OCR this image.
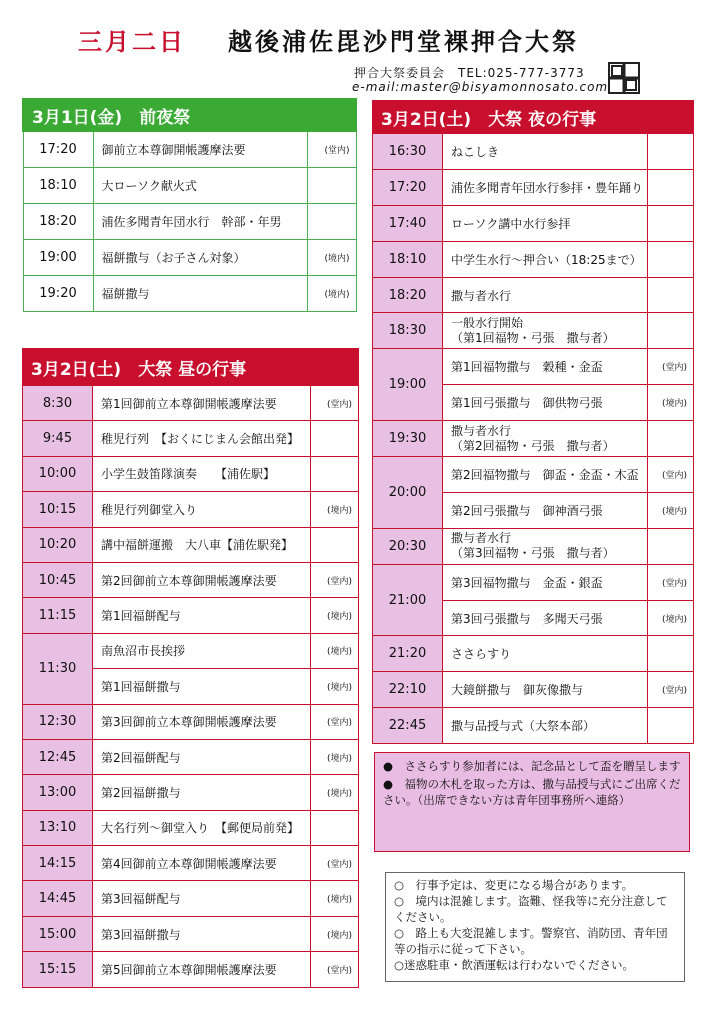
三月二日 越後浦佐毘沙門堂裸押合大祭
押合大祭委員会　TEL:025-777-3773
e-mail:master@bisyamonnosato.com
3月1日(金)　前夜祭		

17:20	御前立本尊御開帳護摩法要	(堂内)
18:10	大ローソク献火式	
18:20	浦佐多聞青年団水行　幹部・年男	
19:00	福餅撒与（お子さん対象）	(境内)
19:20	福餅撒与	(境内)
3月2日(土)　大祭 昼の行事		

8:30	第1回御前立本尊御開帳護摩法要	(堂内)
9:45	稚児行列　【おくにじまん会館出発】	
10:00	小学生鼓笛隊演奏　　【浦佐駅】	
10:15	稚児行列御堂入り	(境内)
10:20	講中福餅運搬　大八車【浦佐駅発】	
10:45	第2回御前立本尊御開帳護摩法要	(堂内)
11:15	第1回福餅配与	(境内)
11:30	南魚沼市長挨拶	(境内)
	第1回福餅撒与	(境内)
12:30	第3回御前立本尊御開帳護摩法要	(堂内)
12:45	第2回福餅配与	(境内)
13:00	第2回福餅撒与	(境内)
13:10	大名行列～御堂入り　【郵便局前発】	
14:15	第4回御前立本尊御開帳護摩法要	(堂内)
14:45	第3回福餅配与	(境内)
15:00	第3回福餅撒与	(境内)
15:15	第5回御前立本尊御開帳護摩法要	(堂内)
3月2日(土)　大祭 夜の行事		

16:30	ねこしき	
17:20	浦佐多聞青年団水行参拝・豊年踊り	
17:40	ローソク講中水行参拝	
18:10	中学生水行～押合い（18:25まで）	
18:20	撒与者水行	
18:30	一般水行開始
（第1回福物・弓張　撒与者）	
19:00	第1回福物撒与　穀種・金盃	(堂内)
	第1回弓張撒与　御供物弓張	(境内)
19:30	撒与者水行
（第2回福物・弓張　撒与者）	
20:00	第2回福物撒与　御盃・金盃・木盃	(堂内)
	第2回弓張撒与　御神酒弓張	(境内)
20:30	撒与者水行
（第3回福物・弓張　撒与者）	
21:00	第3回福物撒与　金盃・銀盃	(堂内)
	第3回弓張撒与　多聞天弓張	(境内)
21:20	ささらすり	
22:10	大鏡餅撒与　御灰像撒与	(堂内)
22:45	撒与品授与式（大祭本部）	

●　ささらすり参加者には、記念品として盃を贈呈します

●　福物の木札を取った方は、撒与品授与式にご出席ください。（出席できない方は青年団事務所へ連絡）

○　行事予定は、変更になる場合があります。

○　境内は混雑します。盗難、怪我等に充分注意してください。

○　路上も大変混雑します。警察官、消防団、青年団等の指示に従って下さい。

○迷惑駐車・飲酒運転は行わないでください。
